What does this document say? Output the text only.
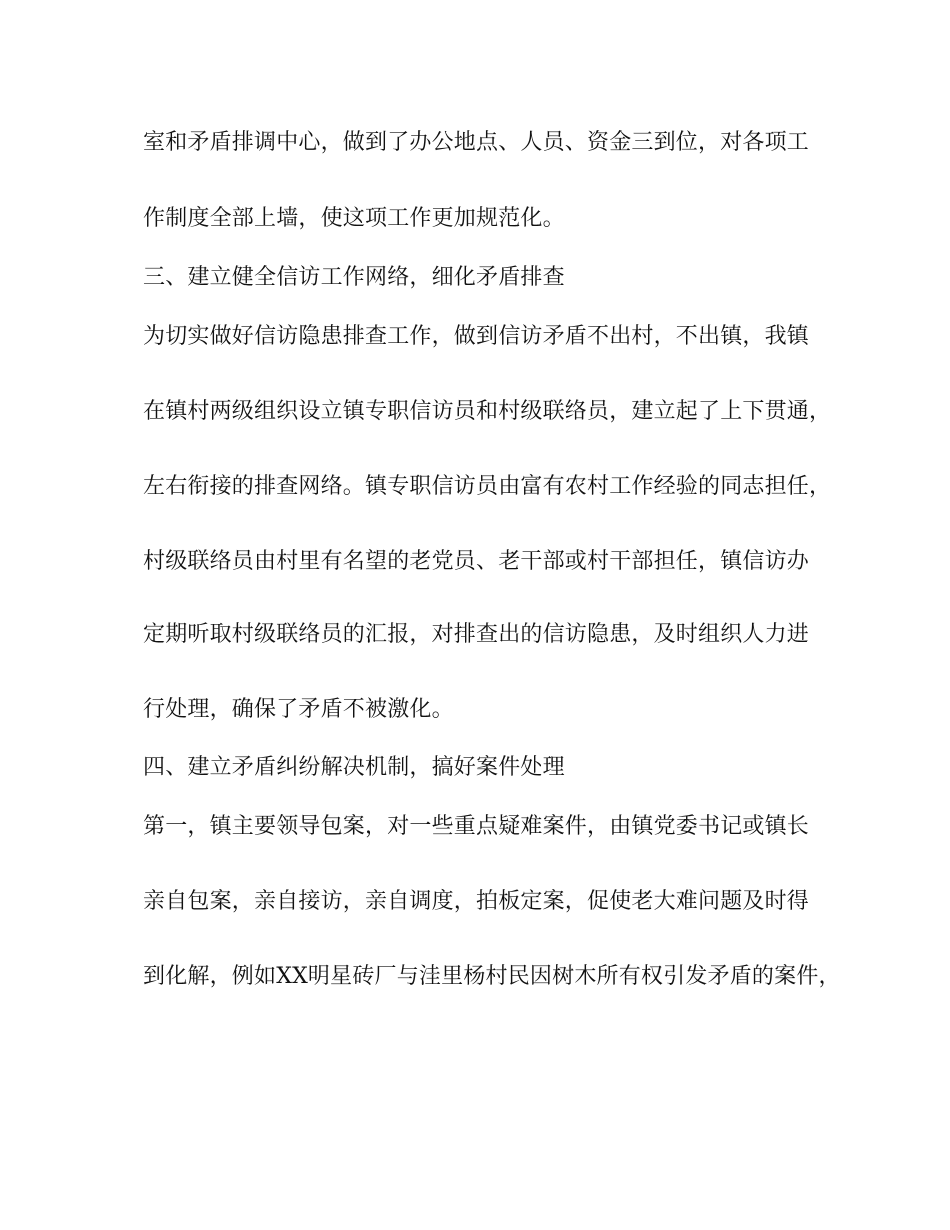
室和矛盾排调中心，做到了办公地点、人员、资金三到位，对各项工
作制度全部上墙，使这项工作更加规范化。
三、建立健全信访工作网络，细化矛盾排查
为切实做好信访隐患排查工作，做到信访矛盾不出村，不出镇，我镇
在镇村两级组织设立镇专职信访员和村级联络员，建立起了上下贯通，
左右衔接的排查网络。镇专职信访员由富有农村工作经验的同志担任，
村级联络员由村里有名望的老党员、老干部或村干部担任，镇信访办
定期听取村级联络员的汇报，对排查出的信访隐患，及时组织人力进
行处理，确保了矛盾不被激化。
四、建立矛盾纠纷解决机制，搞好案件处理
第一，镇主要领导包案，对一些重点疑难案件，由镇党委书记或镇长
亲自包案，亲自接访，亲自调度，拍板定案，促使老大难问题及时得
到化解，例如XX明星砖厂与洼里杨村民因树木所有权引发矛盾的案件，
